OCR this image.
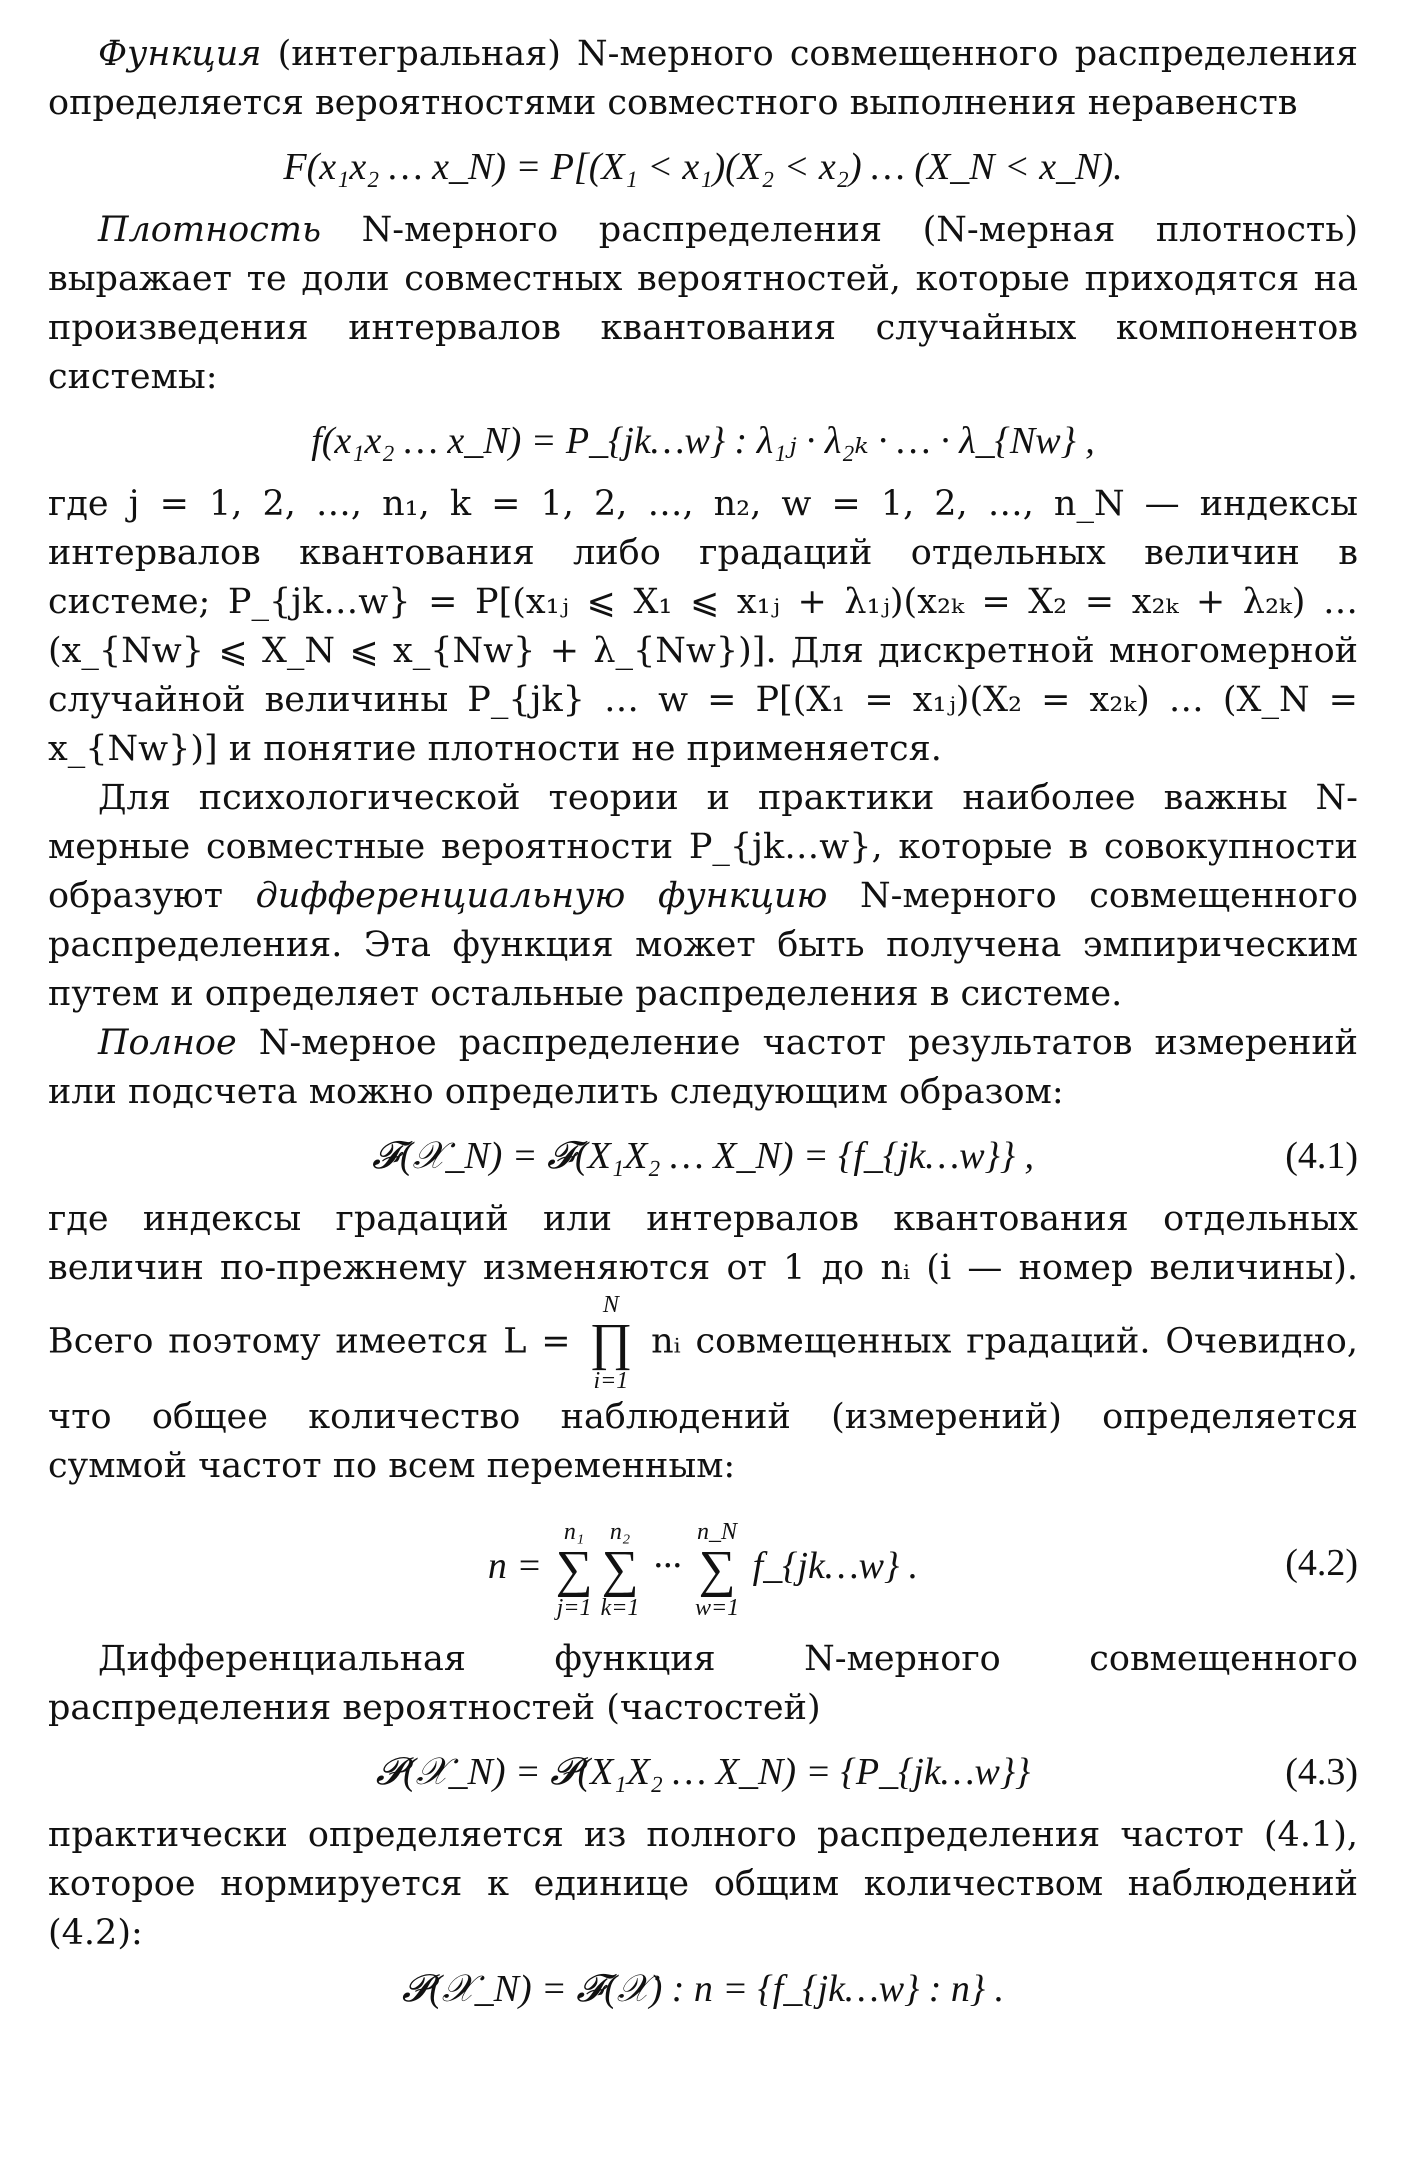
Функция (интегральная) N-мерного совмещенного распределения определяется вероятностями совместного выполнения неравенств

F(x₁x₂ … x_N) = P[(X₁ < x₁)(X₂ < x₂) … (X_N < x_N).

Плотность N-мерного распределения (N-мерная плотность) выражает те доли совместных вероятностей, которые приходятся на произведения интервалов квантования случайных компонентов системы:

f(x₁x₂ … x_N) = P_{jk…w} : λ₁ⱼ · λ₂ₖ · … · λ_{Nw} ,

где j = 1, 2, …, n₁, k = 1, 2, …, n₂, w = 1, 2, …, n_N — индексы интервалов квантования либо градаций отдельных величин в системе; P_{jk…w} = P[(x₁ⱼ ⩽ X₁ ⩽ x₁ⱼ + λ₁ⱼ)(x₂ₖ = X₂ = x₂ₖ + λ₂ₖ) … (x_{Nw} ⩽ X_N ⩽ x_{Nw} + λ_{Nw})]. Для дискретной многомерной случайной величины P_{jk} … w = P[(X₁ = x₁ⱼ)(X₂ = x₂ₖ) … (X_N = x_{Nw})] и понятие плотности не применяется.

Для психологической теории и практики наиболее важны N-мерные совместные вероятности P_{jk…w}, которые в совокупности образуют дифференциальную функцию N-мерного совмещенного распределения. Эта функция может быть получена эмпирическим путем и определяет остальные распределения в системе.

Полное N-мерное распределение частот результатов измерений или подсчета можно определить следующим образом:

𝓕(𝒳_N) = 𝓕(X₁X₂ … X_N) = {f_{jk…w}} ,	(4.1)

где индексы градаций или интервалов квантования отдельных величин по-прежнему изменяются от 1 до nᵢ (i — номер величины). Всего поэтому имеется L =
N
∏
i=1
nᵢ совмещенных градаций. Очевидно, что общее количество наблюдений (измерений) определяется суммой частот по всем переменным:

n =
n₁
∑
j=1
n₂
∑
k=1
···
n_N
∑
w=1
f_{jk…w} .	(4.2)

Дифференциальная функция N-мерного совмещенного распределения вероятностей (частостей)

𝓟(𝒳_N) = 𝓟(X₁X₂ … X_N) = {P_{jk…w}}	(4.3)

практически определяется из полного распределения частот (4.1), которое нормируется к единице общим количеством наблюдений (4.2):

𝓟(𝒳_N) = 𝓕(𝒳) : n = {f_{jk…w} : n} .
